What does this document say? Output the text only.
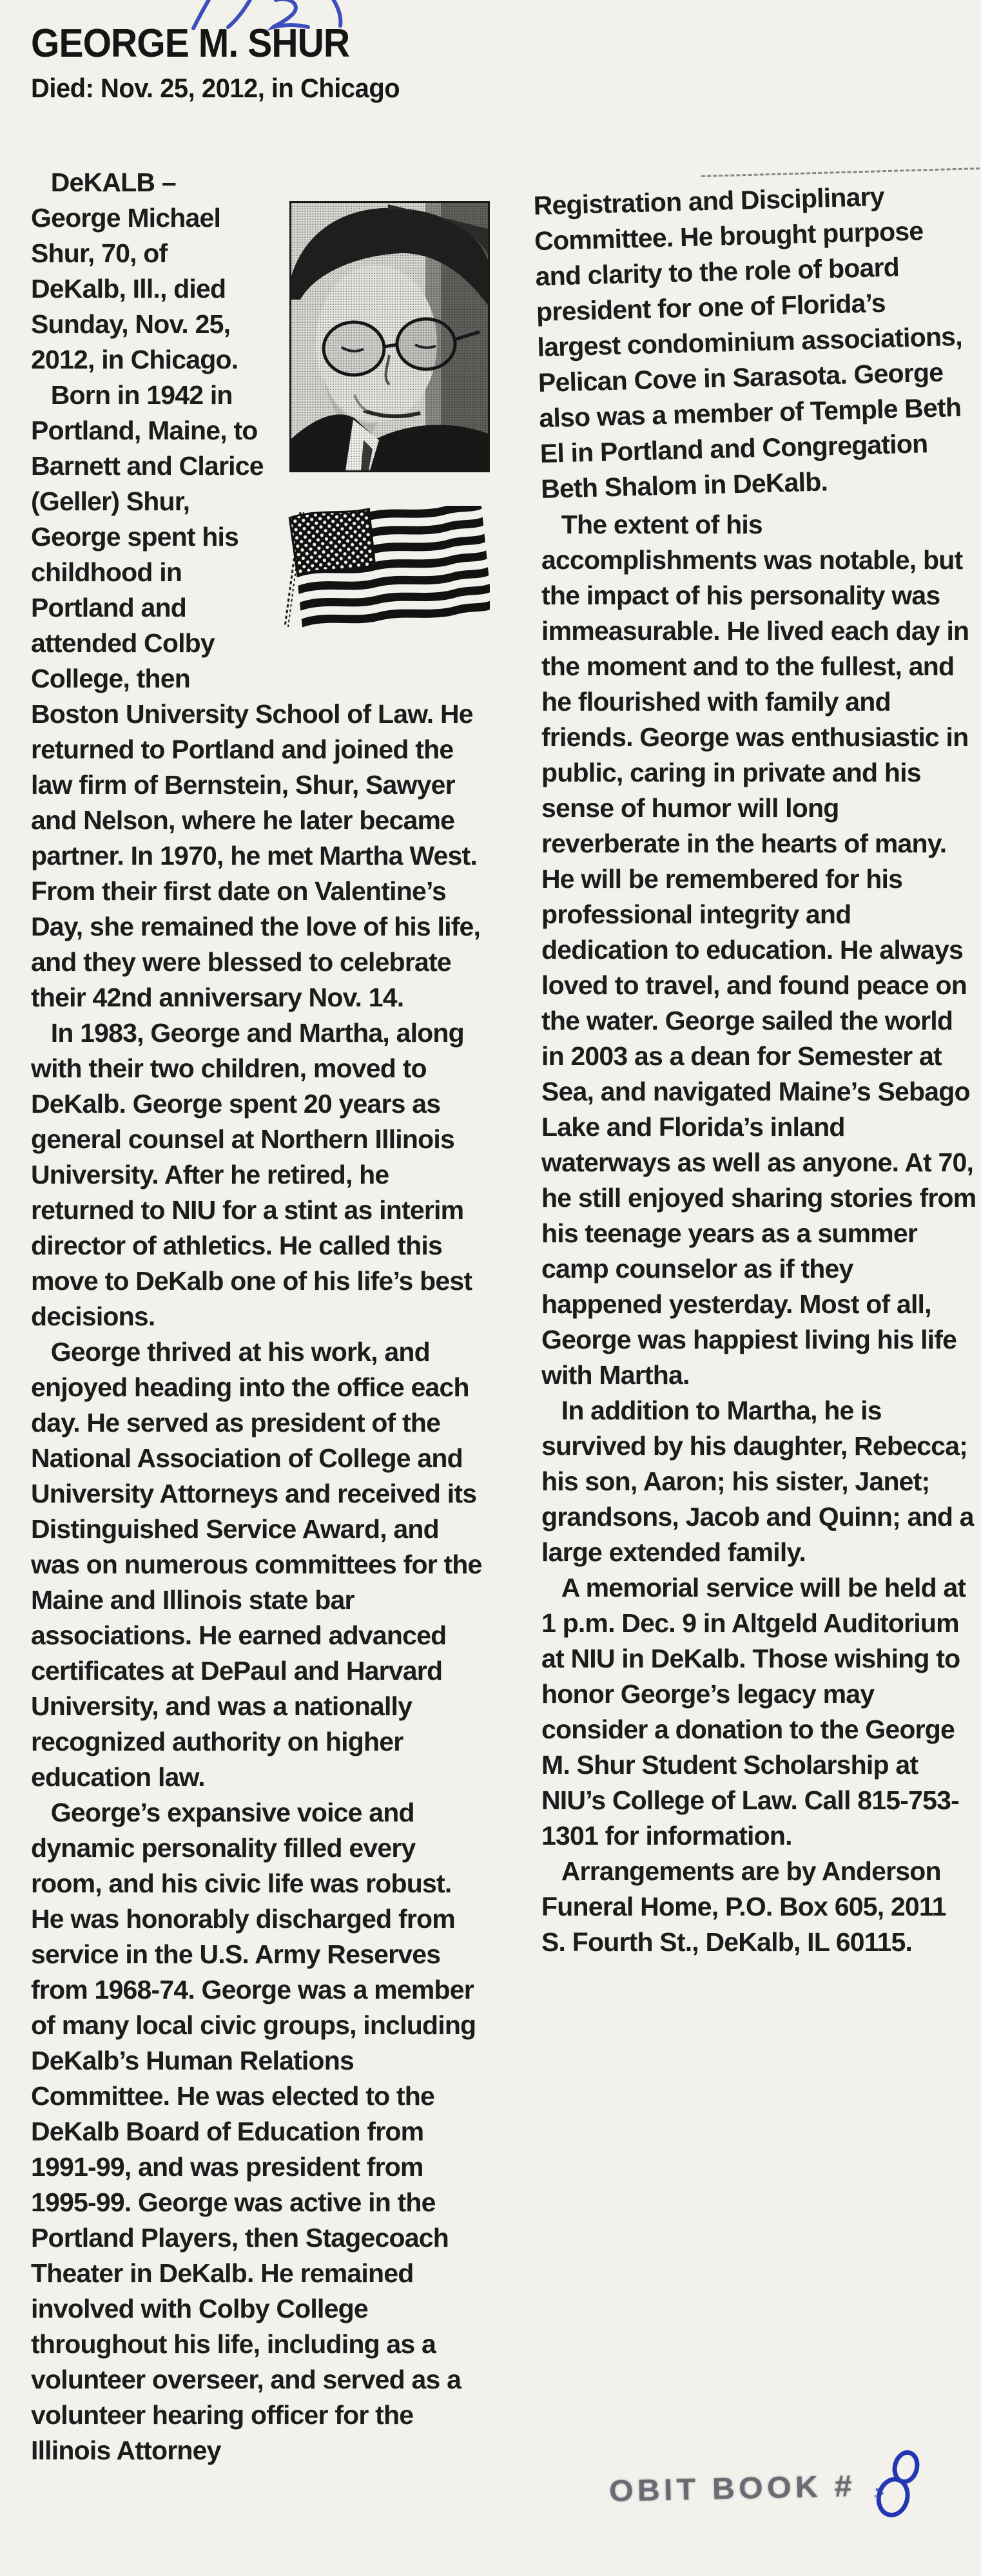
GEORGE M. SHUR
Died: Nov. 25, 2012, in Chicago

DeKALB – George Michael Shur, 70, of DeKalb, Ill., died Sunday, Nov. 25, 2012, in Chicago.

Born in 1942 in Portland, Maine, to Barnett and Clarice (Geller) Shur, George spent his childhood in Portland and attended Colby College, then Boston University School of Law. He returned to Portland and joined the law firm of Bernstein, Shur, Sawyer and Nelson, where he later became partner. In 1970, he met Martha West. From their first date on Valentine’s Day, she remained the love of his life, and they were blessed to celebrate their 42nd anniversary Nov. 14.

In 1983, George and Martha, along with their two children, moved to DeKalb. George spent 20 years as general counsel at Northern Illinois University. After he retired, he returned to NIU for a stint as interim director of athletics. He called this move to DeKalb one of his life’s best decisions.

George thrived at his work, and enjoyed heading into the office each day. He served as president of the National Association of College and University Attorneys and received its Distinguished Service Award, and was on numerous committees for the Maine and Illinois state bar associations. He earned advanced certificates at DePaul and Harvard University, and was a nationally recognized authority on higher education law.

George’s expansive voice and dynamic personality filled every room, and his civic life was robust. He was honorably discharged from service in the U.S. Army Reserves from 1968-74. George was a member of many local civic groups, including DeKalb’s Human Relations Committee. He was elected to the DeKalb Board of Education from 1991-99, and was president from 1995-99. George was active in the Portland Players, then Stagecoach Theater in DeKalb. He remained involved with Colby College throughout his life, including as a volunteer overseer, and served as a volunteer hearing officer for the Illinois Attorney

Registration and Disciplinary Committee. He brought purpose and clarity to the role of board president for one of Florida’s largest condominium associations, Pelican Cove in Sarasota. George also was a member of Temple Beth El in Portland and Congregation Beth Shalom in DeKalb.

The extent of his accomplishments was notable, but the impact of his personality was immeasurable. He lived each day in the moment and to the fullest, and he flourished with family and friends. George was enthusiastic in public, caring in private and his sense of humor will long reverberate in the hearts of many. He will be remembered for his professional integrity and dedication to education. He always loved to travel, and found peace on the water. George sailed the world in 2003 as a dean for Semester at Sea, and navigated Maine’s Sebago Lake and Florida’s inland waterways as well as anyone. At 70, he still enjoyed sharing stories from his teenage years as a summer camp counselor as if they happened yesterday. Most of all, George was happiest living his life with Martha.

In addition to Martha, he is survived by his daughter, Rebecca; his son, Aaron; his sister, Janet; grandsons, Jacob and Quinn; and a large extended family.

A memorial service will be held at 1 p.m. Dec. 9 in Altgeld Auditorium at NIU in DeKalb. Those wishing to honor George’s legacy may consider a donation to the George M. Shur Student Scholarship at NIU’s College of Law. Call 815-753-1301 for information.

Arrangements are by Anderson Funeral Home, P.O. Box 605, 2011 S. Fourth St., DeKalb, IL 60115.

OBIT BOOK #
